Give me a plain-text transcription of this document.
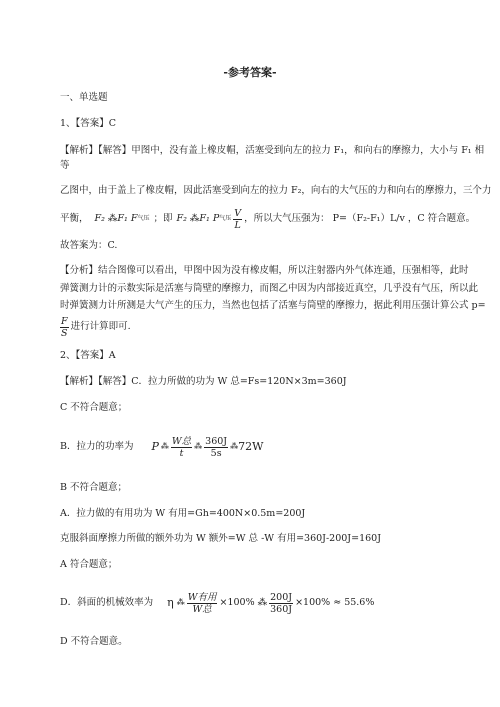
-参考答案-
一、单选题
1、【答案】C
【解析】【解答】甲图中，没有盖上橡皮帽，活塞受到向左的拉力 F₁，和向右的摩擦力，大小与 F₁ 相
等
乙图中，由于盖上了橡皮帽，因此活塞受到向左的拉力 F₂，向右的大气压的力和向右的摩擦力，三个力
平衡， F₂ ⁂F₁ F 气压 ；即 F₂ ⁂F₁ P 气压 $\frac{V}{L}$ ，所以大气压强为： P=（F₂-F₁）L/v ，C 符合题意。
故答案为：C.
【分析】结合图像可以看出，甲图中因为没有橡皮帽，所以注射器内外气体连通，压强相等，此时
弹簧测力计的示数实际是活塞与筒壁的摩擦力，而图乙中因为内部接近真空，几乎没有气压，所以此
时弹簧测力计所测是大气产生的压力，当然也包括了活塞与筒壁的摩擦力，据此利用压强计算公式 p=
$\frac{F}{S}$ 进行计算即可.
2、【答案】A
【解析】【解答】C．拉力所做的功为 W 总=Fs=120N×3m=360J
C 不符合题意；
B．拉力的功率为 P ⁂ $\frac{\text{W总}}{t}$ ⁂ $\frac{360J}{5s}$ ⁂ 72W
B 不符合题意；
A．拉力做的有用功为 W 有用=Gh=400N×0.5m=200J
克服斜面摩擦力所做的额外功为 W 额外=W 总 -W 有用=360J-200J=160J
A 符合题意；
D．斜面的机械效率为 η ⁂ $\frac{\text{W有用}}{\text{W总}} \times 100\%$ ⁂ $\frac{200J}{360J} \times 100\% \approx 55.6\%$
D 不符合题意。
